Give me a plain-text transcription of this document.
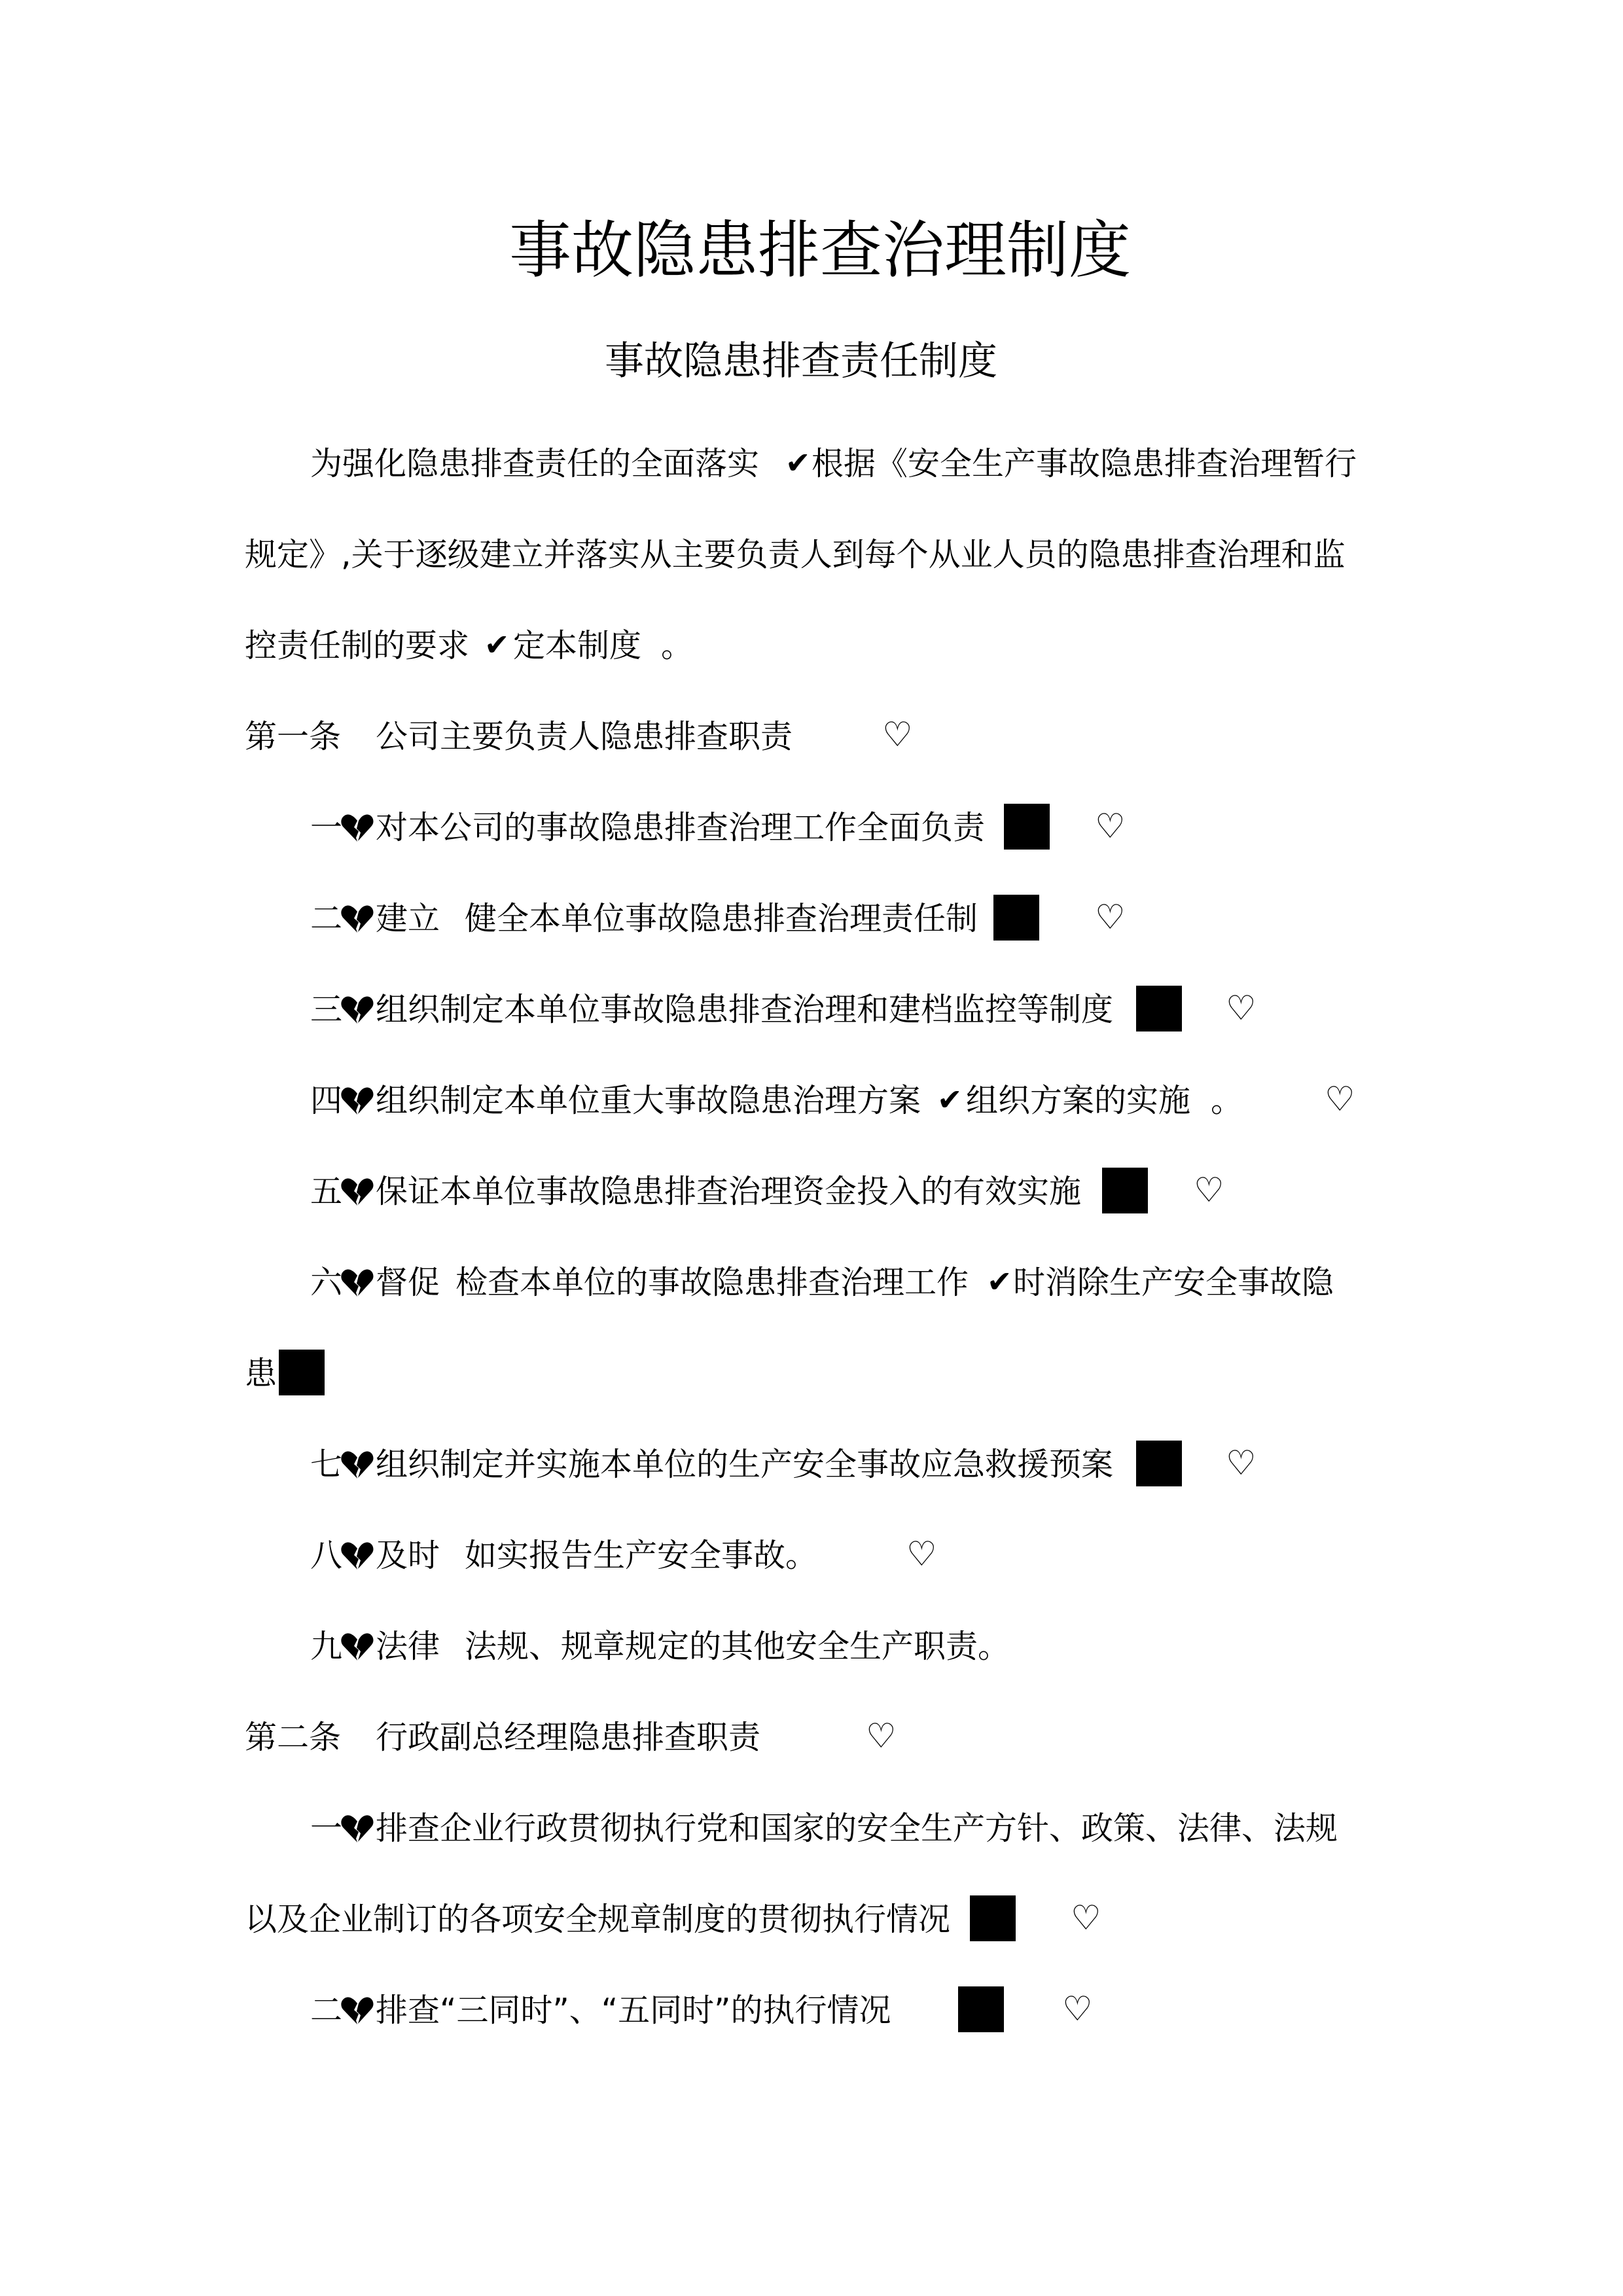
事故隐患排查治理制度
事故隐患排查责任制度
为强化隐患排查责任的全面落实 ✔ 根据《安全生产事故隐患排查治理暂行
规定》,关于逐级建立并落实从主要负责人到每个从业人员的隐患排查治理和监
控责任制的要求 ✔ 定本制度 。
第一条 公司主要负责人隐患排查职责	♡
一 对本公司的事故隐患排查治理工作全面负责	♡
二 建立 健全本单位事故隐患排查治理责任制	♡
三 组织制定本单位事故隐患排查治理和建档监控等制度	♡
四 组织制定本单位重大事故隐患治理方案 ✔ 组织方案的实施 。 ♡
五 保证本单位事故隐患排查治理资金投入的有效实施	♡
六 督促 检查本单位的事故隐患排查治理工作 ✔ 时消除生产安全事故隐
患
七 组织制定并实施本单位的生产安全事故应急救援预案	♡
八 及时 如实报告生产安全事故。	♡
九 法律 法规、规章规定的其他安全生产职责。
第二条 行政副总经理隐患排查职责	♡
一 排查企业行政贯彻执行党和国家的安全生产方针、政策、法律、法规
以及企业制订的各项安全规章制度的贯彻执行情况	♡
二 排查“三同时”、“五同时”的执行情况	♡
